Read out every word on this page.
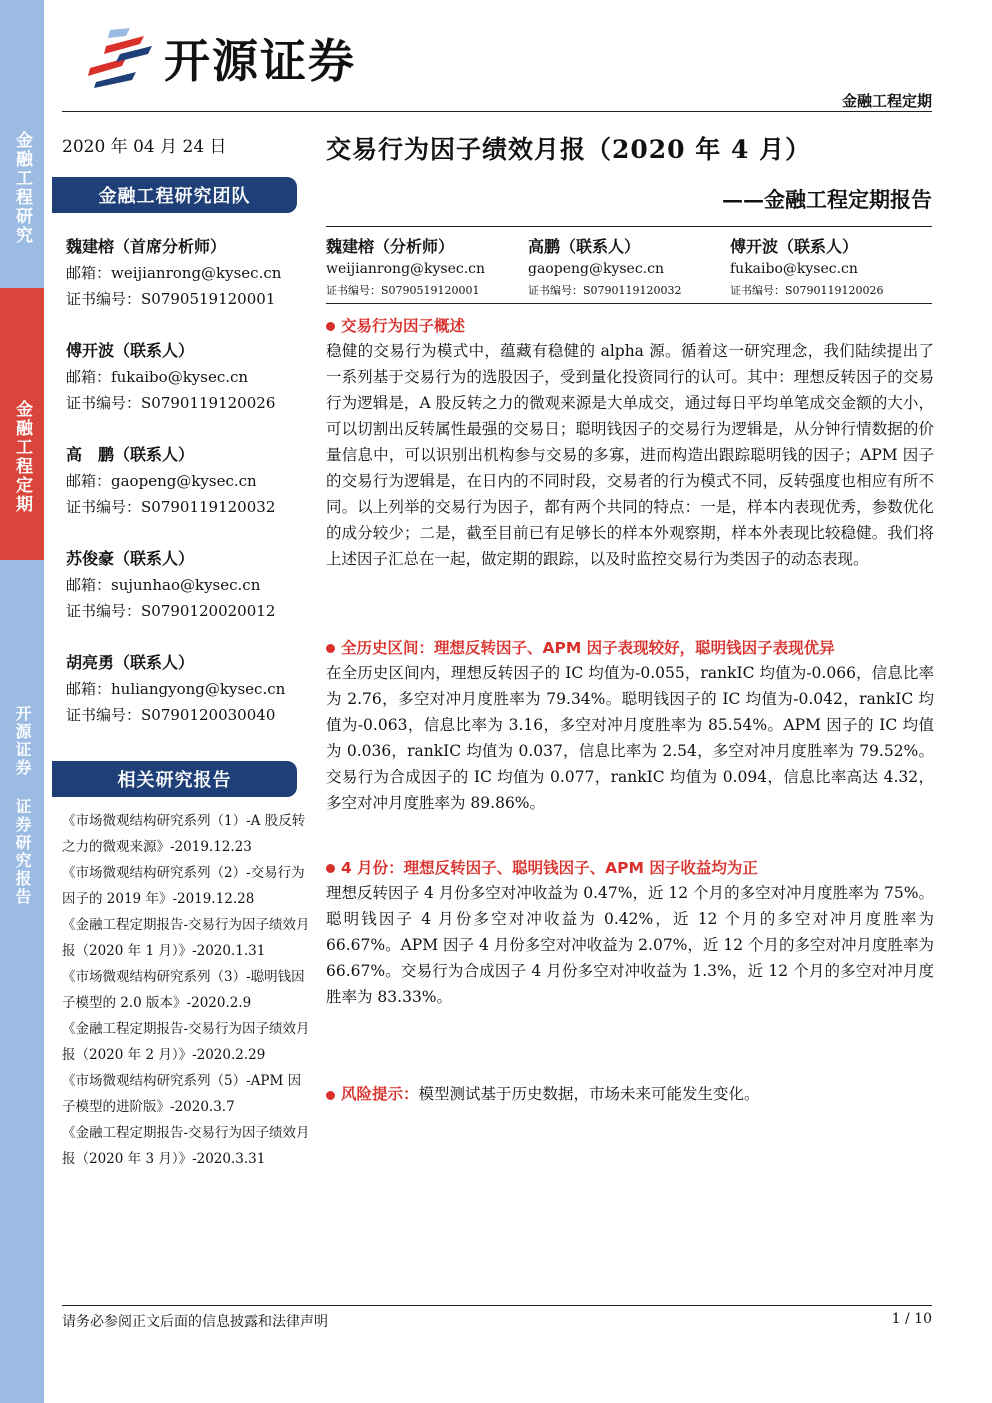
金融工程研究
金融工程定期
开源证券 证券研究报告
开源证券
金融工程定期
2020 年 04 月 24 日
金融工程研究团队
魏建榕（首席分析师）
邮箱：weijianrong@kysec.cn
证书编号：S0790519120001
傅开波（联系人）
邮箱：fukaibo@kysec.cn
证书编号：S0790119120026
高　鹏（联系人）
邮箱：gaopeng@kysec.cn
证书编号：S0790119120032
苏俊豪（联系人）
邮箱：sujunhao@kysec.cn
证书编号：S0790120020012
胡亮勇（联系人）
邮箱：huliangyong@kysec.cn
证书编号：S0790120030040
相关研究报告
《市场微观结构研究系列（1）-A 股反转之力的微观来源》-2019.12.23
《市场微观结构研究系列（2）-交易行为因子的 2019 年》-2019.12.28
《金融工程定期报告-交易行为因子绩效月报（2020 年 1 月）》-2020.1.31
《市场微观结构研究系列（3）-聪明钱因子模型的 2.0 版本》-2020.2.9
《金融工程定期报告-交易行为因子绩效月报（2020 年 2 月）》-2020.2.29
《市场微观结构研究系列（5）-APM 因子模型的进阶版》-2020.3.7
《金融工程定期报告-交易行为因子绩效月报（2020 年 3 月）》-2020.3.31
交易行为因子绩效月报（2020 年 4 月）
——金融工程定期报告
魏建榕（分析师）
weijianrong@kysec.cn
证书编号：S0790519120001
高鹏（联系人）
gaopeng@kysec.cn
证书编号：S0790119120032
傅开波（联系人）
fukaibo@kysec.cn
证书编号：S0790119120026
交易行为因子概述
稳健的交易行为模式中，蕴藏有稳健的 alpha 源。循着这一研究理念，我们陆续提出了一系列基于交易行为的选股因子，受到量化投资同行的认可。其中：理想反转因子的交易行为逻辑是，A 股反转之力的微观来源是大单成交，通过每日平均单笔成交金额的大小，可以切割出反转属性最强的交易日；聪明钱因子的交易行为逻辑是，从分钟行情数据的价量信息中，可以识别出机构参与交易的多寡，进而构造出跟踪聪明钱的因子；APM 因子的交易行为逻辑是，在日内的不同时段，交易者的行为模式不同，反转强度也相应有所不同。以上列举的交易行为因子，都有两个共同的特点：一是，样本内表现优秀，参数优化的成分较少；二是，截至目前已有足够长的样本外观察期，样本外表现比较稳健。我们将上述因子汇总在一起，做定期的跟踪，以及时监控交易行为类因子的动态表现。
全历史区间：理想反转因子、APM 因子表现较好，聪明钱因子表现优异
在全历史区间内，理想反转因子的 IC 均值为-0.055，rankIC 均值为-0.066，信息比率为 2.76，多空对冲月度胜率为 79.34%。聪明钱因子的 IC 均值为-0.042，rankIC 均值为-0.063，信息比率为 3.16，多空对冲月度胜率为 85.54%。APM 因子的 IC 均值为 0.036，rankIC 均值为 0.037，信息比率为 2.54，多空对冲月度胜率为 79.52%。交易行为合成因子的 IC 均值为 0.077，rankIC 均值为 0.094，信息比率高达 4.32，多空对冲月度胜率为 89.86%。
4 月份：理想反转因子、聪明钱因子、APM 因子收益均为正
理想反转因子 4 月份多空对冲收益为 0.47%，近 12 个月的多空对冲月度胜率为 75%。聪明钱因子 4 月份多空对冲收益为 0.42%，近 12 个月的多空对冲月度胜率为 66.67%。APM 因子 4 月份多空对冲收益为 2.07%，近 12 个月的多空对冲月度胜率为 66.67%。交易行为合成因子 4 月份多空对冲收益为 1.3%，近 12 个月的多空对冲月度胜率为 83.33%。
风险提示：模型测试基于历史数据，市场未来可能发生变化。
请务必参阅正文后面的信息披露和法律声明	1 / 10
